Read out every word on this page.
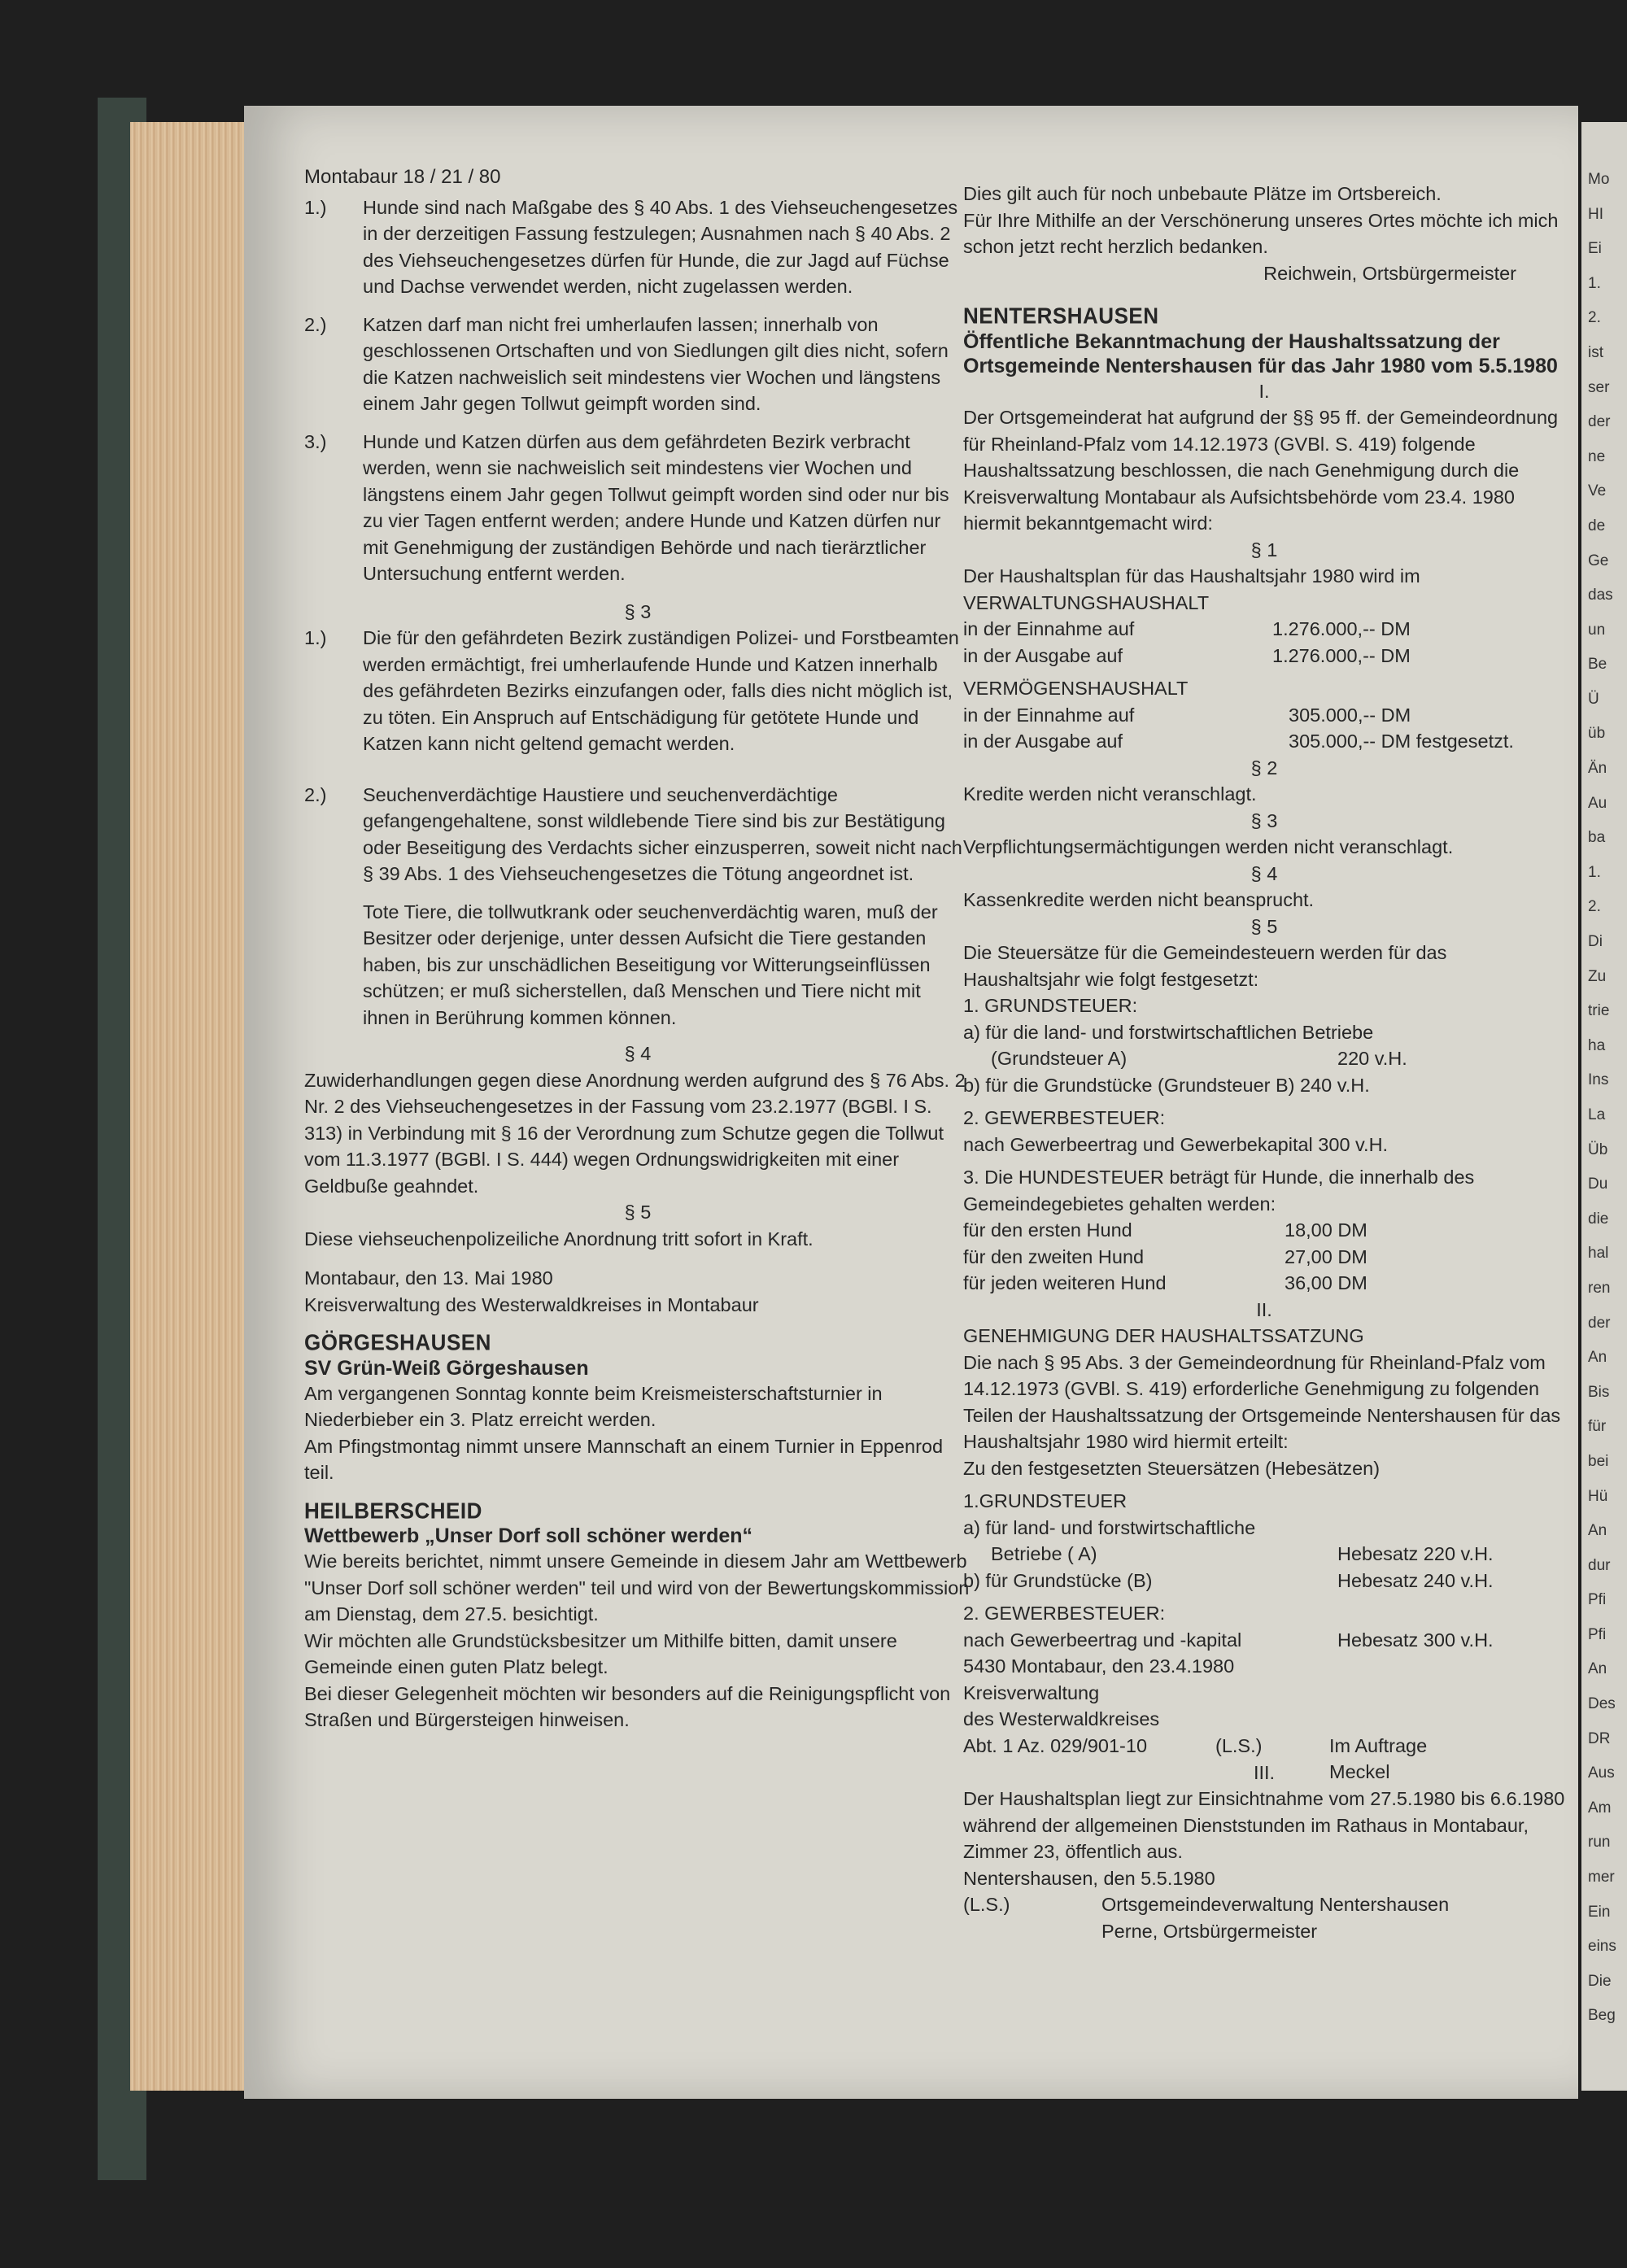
Mo
HI
Ei
1.
2.
ist
ser
der
ne
Ve
de
Ge
das
un
Be
Ü
üb
Än
Au
ba
1.
2.
Di
Zu
trie
ha
Ins
La
Üb
Du
die
hal
ren
der
An
Bis
für
bei
Hü
An
dur
Pfi
Pfi
An
Des
DR
Aus
Am
run
mer
Ein
eins
Die
Beg
Montabaur 18 / 21 / 80
1.)	Hunde sind nach Maßgabe des § 40 Abs. 1 des Viehseuchengesetzes in der derzeitigen Fassung festzulegen; Ausnahmen nach § 40 Abs. 2 des Viehseuchengesetzes dürfen für Hunde, die zur Jagd auf Füchse und Dachse verwendet werden, nicht zugelassen werden.
2.)	Katzen darf man nicht frei umherlaufen lassen; innerhalb von geschlossenen Ortschaften und von Siedlungen gilt dies nicht, sofern die Katzen nachweislich seit mindestens vier Wochen und längstens einem Jahr gegen Tollwut geimpft worden sind.
3.)	Hunde und Katzen dürfen aus dem gefährdeten Bezirk verbracht werden, wenn sie nachweislich seit mindestens vier Wochen und längstens einem Jahr gegen Tollwut geimpft worden sind oder nur bis zu vier Tagen entfernt werden; andere Hunde und Katzen dürfen nur mit Genehmigung der zuständigen Behörde und nach tierärztlicher Untersuchung entfernt werden.
§ 3
1.)	Die für den gefährdeten Bezirk zuständigen Polizei- und Forstbeamten werden ermächtigt, frei umherlaufende Hunde und Katzen innerhalb des gefährdeten Bezirks einzufangen oder, falls dies nicht möglich ist, zu töten. Ein Anspruch auf Entschädigung für getötete Hunde und Katzen kann nicht geltend gemacht werden.
2.)	Seuchenverdächtige Haustiere und seuchenverdächtige gefangengehaltene, sonst wildlebende Tiere sind bis zur Bestätigung oder Beseitigung des Verdachts sicher einzusperren, soweit nicht nach § 39 Abs. 1 des Viehseuchengesetzes die Tötung angeordnet ist.
Tote Tiere, die tollwutkrank oder seuchenverdächtig waren, muß der Besitzer oder derjenige, unter dessen Aufsicht die Tiere gestanden haben, bis zur unschädlichen Beseitigung vor Witterungseinflüssen schützen; er muß sicherstellen, daß Menschen und Tiere nicht mit ihnen in Berührung kommen können.
§ 4
Zuwiderhandlungen gegen diese Anordnung werden aufgrund des § 76 Abs. 2 Nr. 2 des Viehseuchengesetzes in der Fassung vom 23.2.1977 (BGBl. I S. 313) in Verbindung mit § 16 der Verordnung zum Schutze gegen die Tollwut vom 11.3.1977 (BGBl. I S. 444) wegen Ordnungswidrigkeiten mit einer Geldbuße geahndet.
§ 5
Diese viehseuchenpolizeiliche Anordnung tritt sofort in Kraft.
Montabaur, den 13. Mai 1980
Kreisverwaltung des Westerwaldkreises in Montabaur
GÖRGESHAUSEN
SV Grün-Weiß Görgeshausen
Am vergangenen Sonntag konnte beim Kreismeisterschaftsturnier in Niederbieber ein 3. Platz erreicht werden.
Am Pfingstmontag nimmt unsere Mannschaft an einem Turnier in Eppenrod teil.
HEILBERSCHEID
Wettbewerb „Unser Dorf soll schöner werden“
Wie bereits berichtet, nimmt unsere Gemeinde in diesem Jahr am Wettbewerb "Unser Dorf soll schöner werden" teil und wird von der Bewertungskommission am Dienstag, dem 27.5. besichtigt.
Wir möchten alle Grundstücksbesitzer um Mithilfe bitten, damit unsere Gemeinde einen guten Platz belegt.
Bei dieser Gelegenheit möchten wir besonders auf die Reinigungspflicht von Straßen und Bürgersteigen hinweisen.
Dies gilt auch für noch unbebaute Plätze im Ortsbereich.
Für Ihre Mithilfe an der Verschönerung unseres Ortes möchte ich mich schon jetzt recht herzlich bedanken.
Reichwein, Ortsbürgermeister
NENTERSHAUSEN
Öffentliche Bekanntmachung der Haushaltssatzung der Ortsgemeinde Nentershausen für das Jahr 1980 vom 5.5.1980
I.
Der Ortsgemeinderat hat aufgrund der §§ 95 ff. der Gemeindeordnung für Rheinland-Pfalz vom 14.12.1973 (GVBl. S. 419) folgende Haushaltssatzung beschlossen, die nach Genehmigung durch die Kreisverwaltung Montabaur als Aufsichtsbehörde vom 23.4. 1980 hiermit bekanntgemacht wird:
§ 1
Der Haushaltsplan für das Haushaltsjahr 1980 wird im
VERWALTUNGSHAUSHALT
in der Einnahme auf	1.276.000,-- DM
in der Ausgabe auf	1.276.000,-- DM
VERMÖGENSHAUSHALT
in der Einnahme auf	305.000,-- DM
in der Ausgabe auf	305.000,-- DM festgesetzt.
§ 2
Kredite werden nicht veranschlagt.
§ 3
Verpflichtungsermächtigungen werden nicht veranschlagt.
§ 4
Kassenkredite werden nicht beansprucht.
§ 5
Die Steuersätze für die Gemeindesteuern werden für das Haushaltsjahr wie folgt festgesetzt:
1. GRUNDSTEUER:
a) für die land- und forstwirtschaftlichen Betriebe
(Grundsteuer A)	220 v.H.
b) für die Grundstücke (Grundsteuer B) 240 v.H.
2. GEWERBESTEUER:
nach Gewerbeertrag und Gewerbekapital 300 v.H.
3. Die HUNDESTEUER beträgt für Hunde, die innerhalb des Gemeindegebietes gehalten werden:
für den ersten Hund	18,00 DM
für den zweiten Hund	27,00 DM
für jeden weiteren Hund	36,00 DM
II.
GENEHMIGUNG DER HAUSHALTSSATZUNG
Die nach § 95 Abs. 3 der Gemeindeordnung für Rheinland-Pfalz vom 14.12.1973 (GVBl. S. 419) erforderliche Genehmigung zu folgenden Teilen der Haushaltssatzung der Ortsgemeinde Nentershausen für das Haushaltsjahr 1980 wird hiermit erteilt:
Zu den festgesetzten Steuersätzen (Hebesätzen)
1.GRUNDSTEUER
a) für land- und forstwirtschaftliche
Betriebe ( A)	Hebesatz 220 v.H.
b) für Grundstücke (B)	Hebesatz 240 v.H.
2. GEWERBESTEUER:
nach Gewerbeertrag und -kapital	Hebesatz 300 v.H.
5430 Montabaur, den 23.4.1980
Kreisverwaltung
des Westerwaldkreises
Abt. 1 Az. 029/901-10	(L.S.)	Im Auftrage
Meckel
III.
Der Haushaltsplan liegt zur Einsichtnahme vom 27.5.1980 bis 6.6.1980 während der allgemeinen Dienststunden im Rathaus in Montabaur, Zimmer 23, öffentlich aus.
Nentershausen, den 5.5.1980
(L.S.)	Ortsgemeindeverwaltung Nentershausen
Perne, Ortsbürgermeister
